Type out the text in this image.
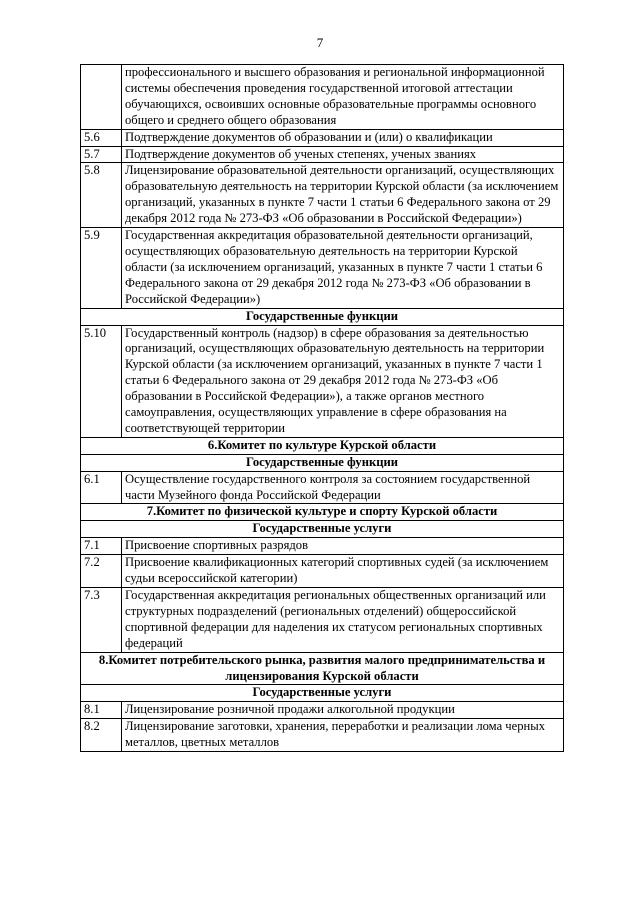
7
	профессионального и высшего образования и региональной информационной системы обеспечения проведения государственной итоговой аттестации обучающихся, освоивших основные образовательные программы основного общего и среднего общего образования
5.6	Подтверждение документов об образовании и (или) о квалификации
5.7	Подтверждение документов об ученых степенях, ученых званиях
5.8	Лицензирование образовательной деятельности организаций, осуществляющих образовательную деятельность на территории Курской области (за исключением организаций, указанных в пункте 7 части 1 статьи 6 Федерального закона от 29 декабря 2012 года № 273-ФЗ «Об образовании в Российской Федерации»)
5.9	Государственная аккредитация образовательной деятельности организаций, осуществляющих образовательную деятельность на территории Курской области (за исключением организаций, указанных в пункте 7 части 1 статьи 6 Федерального закона от 29 декабря 2012 года № 273-ФЗ «Об образовании в Российской Федерации»)
Государственные функции	
5.10	Государственный контроль (надзор) в сфере образования за деятельностью организаций, осуществляющих образовательную деятельность на территории Курской области (за исключением организаций, указанных в пункте 7 части 1 статьи 6 Федерального закона от 29 декабря 2012 года № 273-ФЗ «Об образовании в Российской Федерации»), а также органов местного самоуправления, осуществляющих управление в сфере образования на соответствующей территории
6.Комитет по культуре Курской области	
Государственные функции	
6.1	Осуществление государственного контроля за состоянием государственной части Музейного фонда Российской Федерации
7.Комитет по физической культуре и спорту Курской области	
Государственные услуги	
7.1	Присвоение спортивных разрядов
7.2	Присвоение квалификационных категорий спортивных судей (за исключением судьи всероссийской категории)
7.3	Государственная аккредитация региональных общественных организаций или структурных подразделений (региональных отделений) общероссийской спортивной федерации для наделения их статусом региональных спортивных федераций
8.Комитет потребительского рынка, развития малого предпринимательства и лицензирования Курской области	
Государственные услуги	
8.1	Лицензирование розничной продажи алкогольной продукции
8.2	Лицензирование заготовки, хранения, переработки и реализации лома черных металлов, цветных металлов
